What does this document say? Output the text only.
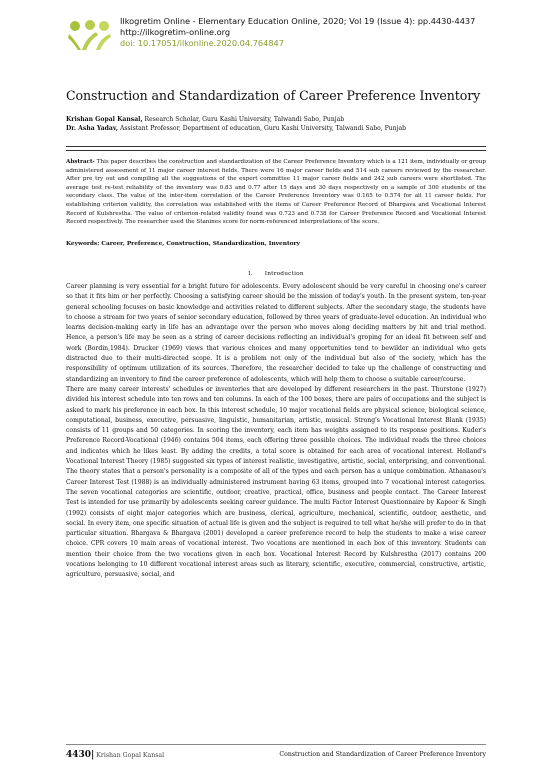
Ilkogretim Online - Elementary Education Online, 2020; Vol 19 (Issue 4): pp.4430-4437
http://ilkogretim-online.org
doi: 10.17051/ilkonline.2020.04.764847
Construction and Standardization of Career Preference Inventory
Krishan Gopal Kansal, Research Scholar, Guru Kashi University, Talwandi Sabo, Punjab
Dr. Asha Yadav, Assistant Professor, Department of education, Guru Kashi University, Talwandi Sabo, Punjab
Abstract- This paper describes the construction and standardization of the Career Preference Inventory which is a 121 item, individually or group administered assessment of 11 major career interest fields. There were 16 major career fields and 514 sub careers reviewed by the researcher. After pre try out and compiling all the suggestions of the expert committee 11 major career fields and 242 sub careers were shortlisted. The average test re-test reliability of the inventory was 0.83 and 0.77 after 15 days and 30 days respectively on a sample of 300 students of the secondary class. The value of the inter-item correlation of the Career Preference Inventory was 0.165 to 0.574 for all 11 career fields. For establishing criterion validity, the correlation was established with the items of Career Preference Record of Bhargava and Vocational Interest Record of Kulshrestha. The value of criterion-related validity found was 0.723 and 0.738 for Career Preference Record and Vocational Interest Record respectively. The researcher used the Stanines score for norm-referenced interpretations of the score.
Keywords: Career, Preference, Construction, Standardization, Inventory
I.  Introduction

Career planning is very essential for a bright future for adolescents. Every adolescent should be very careful in choosing one's career so that it fits him or her perfectly. Choosing a satisfying career should be the mission of today's youth. In the present system, ten-year general schooling focuses on basic knowledge and activities related to different subjects. After the secondary stage, the students have to choose a stream for two years of senior secondary education, followed by three years of graduate-level education. An individual who learns decision-making early in life has an advantage over the person who moves along deciding matters by hit and trial method. Hence, a person's life may be seen as a string of career decisions reflecting an individual's groping for an ideal fit between self and work (Bordin,1984). Drucker (1969) views that various choices and many opportunities tend to bewilder an individual who gets distracted due to their multi-directed scope. It is a problem not only of the individual but also of the society, which has the responsibility of optimum utilization of its sources. Therefore, the researcher decided to take up the challenge of constructing and standardizing an inventory to find the career preference of adolescents, which will help them to choose a suitable career/course.

There are many career interests' schedules or inventories that are developed by different researchers in the past. Thurstone (1927) divided his interest schedule into ten rows and ten columns. In each of the 100 boxes, there are pairs of occupations and the subject is asked to mark his preference in each box. In this interest schedule, 10 major vocational fields are physical science, biological science, computational, business, executive, persuasive, linguistic, humanitarian, artistic, musical. Strong's Vocational Interest Blank (1935) consists of 11 groups and 50 categories. In scoring the inventory, each item has weights assigned to its response positions. Kuder's Preference Record-Vocational (1946) contains 504 items, each offering three possible choices. The individual reads the three choices and indicates which he likes least. By adding the credits, a total score is obtained for each area of vocational interest. Holland's Vocational Interest Theory (1985) suggested six types of interest realistic, investigative, artistic, social, enterprising, and conventional. The theory states that a person's personality is a composite of all of the types and each person has a unique combination. Athanasou's Career Interest Test (1988) is an individually administered instrument having 63 items, grouped into 7 vocational interest categories. The seven vocational categories are scientific, outdoor, creative, practical, office, business and people contact. The Career Interest Test is intended for use primarily by adolescents seeking career guidance. The multi Factor Interest Questionnaire by Kapoor & Singh (1992) consists of eight major categories which are business, clerical, agriculture, mechanical, scientific, outdoor, aesthetic, and social. In every item, one specific situation of actual life is given and the subject is required to tell what he/she will prefer to do in that particular situation. Bhargava & Bhargava (2001) developed a career preference record to help the students to make a wise career choice. CPR covers 10 main areas of vocational interest. Two vocations are mentioned in each box of this inventory. Students can mention their choice from the two vocations given in each box. Vocational Interest Record by Kulshrestha (2017) contains 200 vocations belonging to 10 different vocational interest areas such as literary, scientific, executive, commercial, constructive, artistic, agriculture, persuasive, social, and

4430| Krishan Gopal Kansal	Construction and Standardization of Career Preference Inventory
